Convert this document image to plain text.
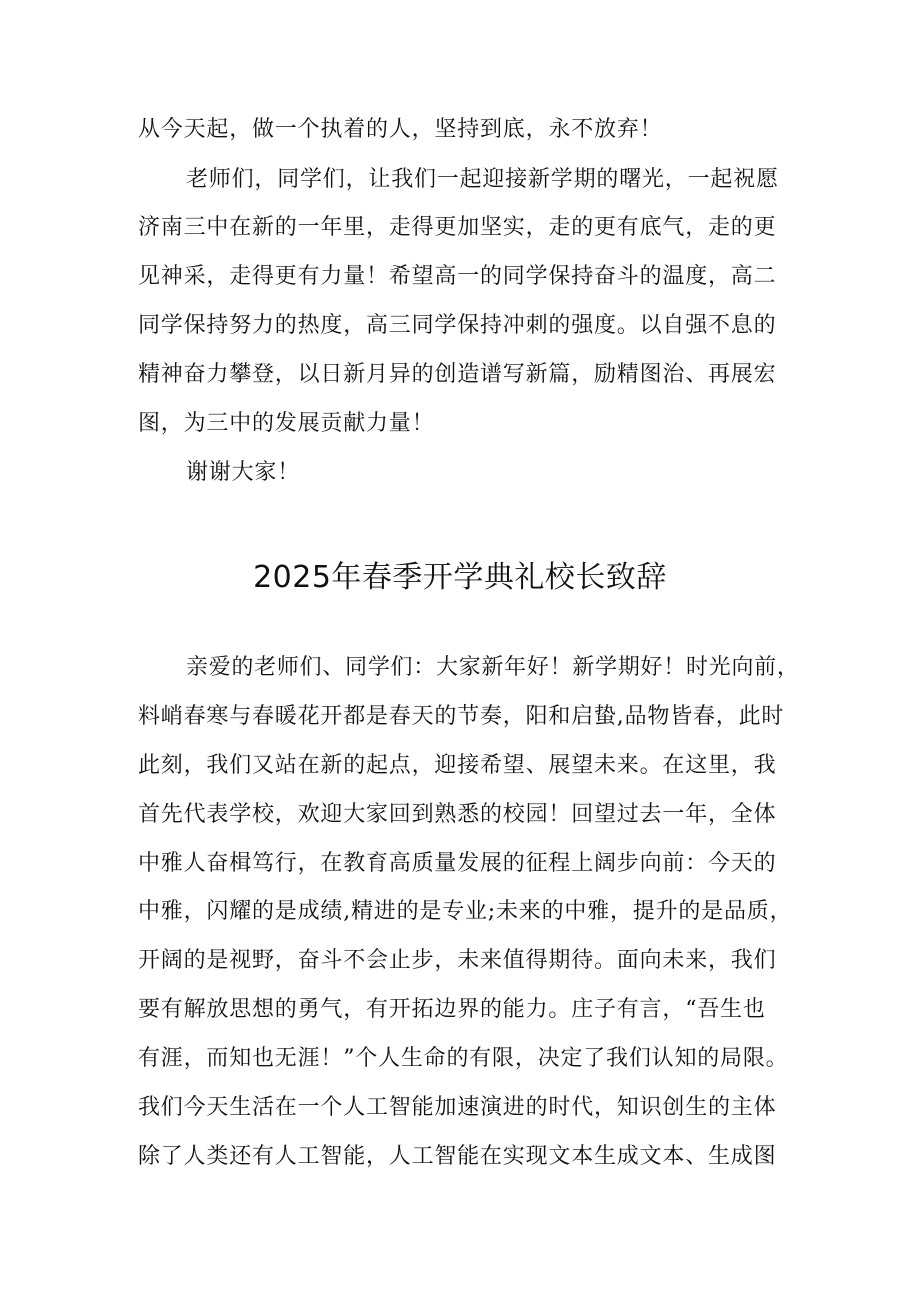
从今天起，做一个执着的人，坚持到底，永不放弃！
老师们，同学们，让我们一起迎接新学期的曙光，一起祝愿
济南三中在新的一年里，走得更加坚实，走的更有底气，走的更
见神采，走得更有力量！希望高一的同学保持奋斗的温度，高二
同学保持努力的热度，高三同学保持冲刺的强度。以自强不息的
精神奋力攀登，以日新月异的创造谱写新篇，励精图治、再展宏
图，为三中的发展贡献力量！
谢谢大家！
2025年春季开学典礼校长致辞
亲爱的老师们、同学们：大家新年好！新学期好！时光向前，
料峭春寒与春暖花开都是春天的节奏，阳和启蛰,品物皆春，此时
此刻，我们又站在新的起点，迎接希望、展望未来。在这里，我
首先代表学校，欢迎大家回到熟悉的校园！回望过去一年，全体
中雅人奋楫笃行，在教育高质量发展的征程上阔步向前：今天的
中雅，闪耀的是成绩,精进的是专业;未来的中雅，提升的是品质，
开阔的是视野，奋斗不会止步，未来值得期待。面向未来，我们
要有解放思想的勇气，有开拓边界的能力。庄子有言，“吾生也
有涯，而知也无涯！”个人生命的有限，决定了我们认知的局限。
我们今天生活在一个人工智能加速演进的时代，知识创生的主体
除了人类还有人工智能，人工智能在实现文本生成文本、生成图
